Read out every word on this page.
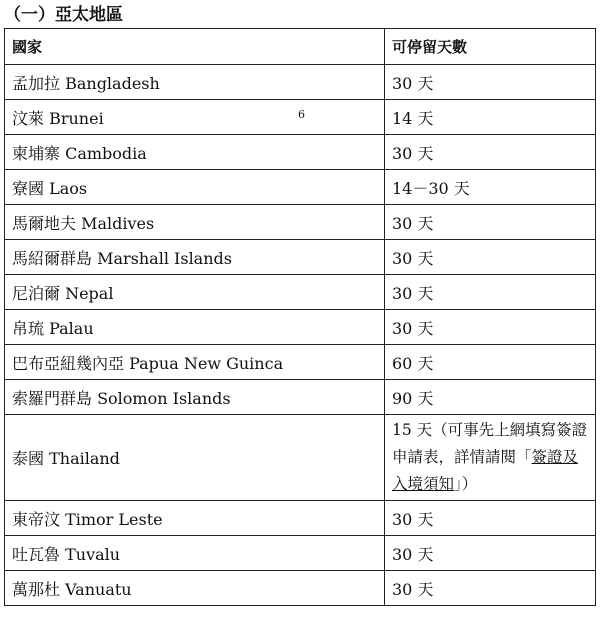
（一）亞太地區
國家	可停留天數
孟加拉 Bangladesh	30 天
汶萊 Brunei	14 天
柬埔寨 Cambodia	30 天
寮國 Laos	14－30 天
馬爾地夫 Maldives	30 天
馬紹爾群島 Marshall Islands	30 天
尼泊爾 Nepal	30 天
帛琉 Palau	30 天
巴布亞紐幾內亞 Papua New Guinca	60 天
索羅門群島 Solomon Islands	90 天
泰國 Thailand	15 天（可事先上網填寫簽證申請表，詳情請閱「簽證及入境須知」）
東帝汶 Timor Leste	30 天
吐瓦魯 Tuvalu	30 天
萬那杜 Vanuatu	30 天
6
